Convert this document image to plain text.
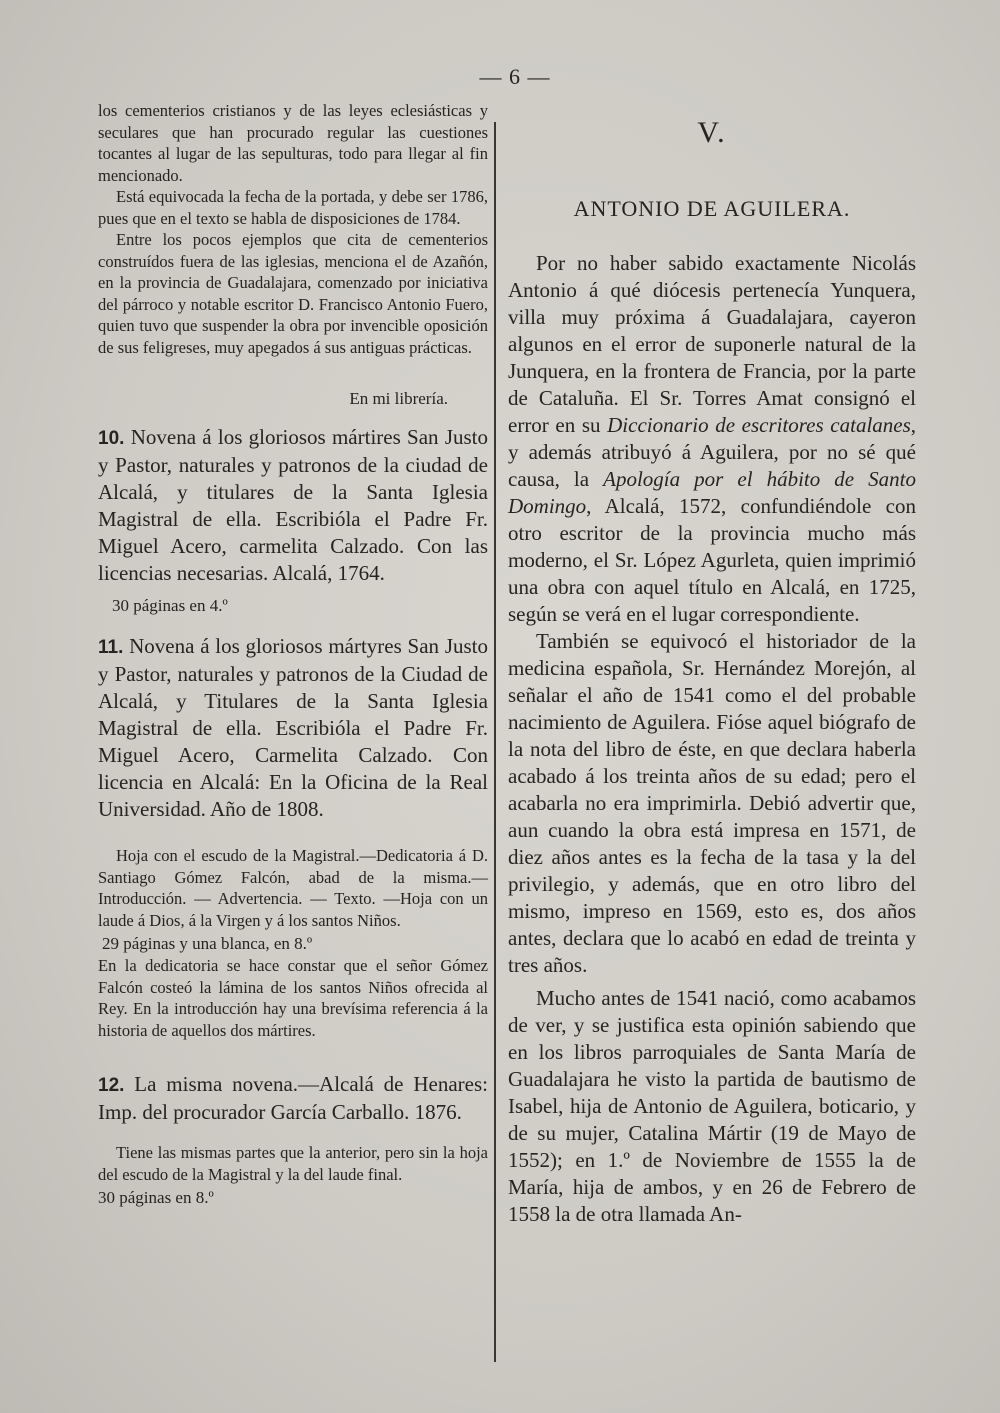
— 6 —

los cementerios cristianos y de las leyes eclesiásticas y seculares que han procurado regular las cuestiones tocantes al lugar de las sepulturas, todo para llegar al fin mencionado.

Está equivocada la fecha de la portada, y debe ser 1786, pues que en el texto se habla de disposiciones de 1784.

Entre los pocos ejemplos que cita de cementerios construídos fuera de las iglesias, menciona el de Azañón, en la provincia de Guadalajara, comenzado por iniciativa del párroco y notable escritor D. Francisco Antonio Fuero, quien tuvo que suspender la obra por invencible oposición de sus feligreses, muy apegados á sus antiguas prácticas.

En mi librería.

10. Novena á los gloriosos mártires San Justo y Pastor, naturales y patronos de la ciudad de Alcalá, y titulares de la Santa Iglesia Magistral de ella. Escribióla el Padre Fr. Miguel Acero, carmelita Calzado. Con las licencias necesarias. Alcalá, 1764.

30 páginas en 4.º

11. Novena á los gloriosos mártyres San Justo y Pastor, naturales y patronos de la Ciudad de Alcalá, y Titulares de la Santa Iglesia Magistral de ella. Escribióla el Padre Fr. Miguel Acero, Carmelita Calzado. Con licencia en Alcalá: En la Oficina de la Real Universidad. Año de 1808.

Hoja con el escudo de la Magistral.—Dedicatoria á D. Santiago Gómez Falcón, abad de la misma.—Introducción. — Advertencia. — Texto. —Hoja con un laude á Dios, á la Virgen y á los santos Niños.

29 páginas y una blanca, en 8.º

En la dedicatoria se hace constar que el señor Gómez Falcón costeó la lámina de los santos Niños ofrecida al Rey. En la introducción hay una brevísima referencia á la historia de aquellos dos mártires.

12. La misma novena.—Alcalá de Henares: Imp. del procurador García Carballo. 1876.

Tiene las mismas partes que la anterior, pero sin la hoja del escudo de la Magistral y la del laude final.

30 páginas en 8.º

V.
ANTONIO DE AGUILERA.

Por no haber sabido exactamente Nicolás Antonio á qué diócesis pertenecía Yunquera, villa muy próxima á Guadalajara, cayeron algunos en el error de suponerle natural de la Junquera, en la frontera de Francia, por la parte de Cataluña. El Sr. Torres Amat consignó el error en su Diccionario de escritores catalanes, y además atribuyó á Aguilera, por no sé qué causa, la Apología por el hábito de Santo Domingo, Alcalá, 1572, confundiéndole con otro escritor de la provincia mucho más moderno, el Sr. López Agurleta, quien imprimió una obra con aquel título en Alcalá, en 1725, según se verá en el lugar correspondiente.

También se equivocó el historiador de la medicina española, Sr. Hernández Morejón, al señalar el año de 1541 como el del probable nacimiento de Aguilera. Fióse aquel biógrafo de la nota del libro de éste, en que declara haberla acabado á los treinta años de su edad; pero el acabarla no era imprimirla. Debió advertir que, aun cuando la obra está impresa en 1571, de diez años antes es la fecha de la tasa y la del privilegio, y además, que en otro libro del mismo, impreso en 1569, esto es, dos años antes, declara que lo acabó en edad de treinta y tres años.

Mucho antes de 1541 nació, como acabamos de ver, y se justifica esta opinión sabiendo que en los libros parroquiales de Santa María de Guadalajara he visto la partida de bautismo de Isabel, hija de Antonio de Aguilera, boticario, y de su mujer, Catalina Mártir (19 de Mayo de 1552); en 1.º de Noviembre de 1555 la de María, hija de ambos, y en 26 de Febrero de 1558 la de otra llamada An-
